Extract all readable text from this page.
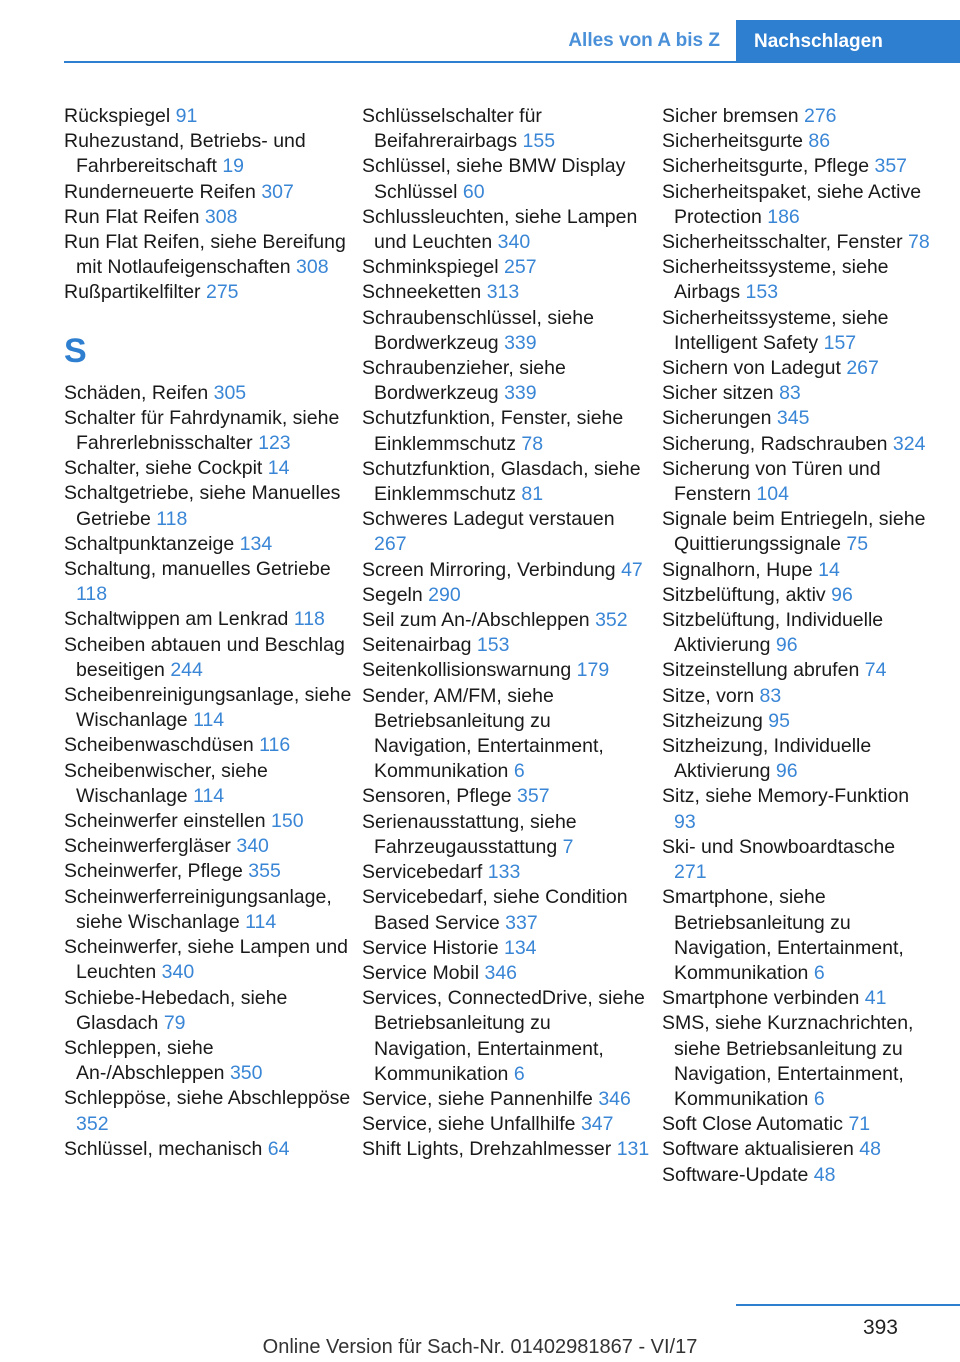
Alles von A bis Z	Nachschlagen
Rückspiegel 91
Ruhezustand, Betriebs- und Fahrbereitschaft 19
Runderneuerte Reifen 307
Run Flat Reifen 308
Run Flat Reifen, siehe Bereifung mit Notlaufeigenschaften 308
Rußpartikelfilter 275
S
Schäden, Reifen 305
Schalter für Fahrdynamik, siehe Fahrerlebnisschalter 123
Schalter, siehe Cockpit 14
Schaltgetriebe, siehe Manuelles Getriebe 118
Schaltpunktanzeige 134
Schaltung, manuelles Getriebe 118
Schaltwippen am Lenkrad 118
Scheiben abtauen und Beschlag beseitigen 244
Scheibenreinigungsanlage, siehe Wischanlage 114
Scheibenwaschdüsen 116
Scheibenwischer, siehe Wischanlage 114
Scheinwerfer einstellen 150
Scheinwerfergläser 340
Scheinwerfer, Pflege 355
Scheinwerferreinigungsanlage, siehe Wischanlage 114
Scheinwerfer, siehe Lampen und Leuchten 340
Schiebe-Hebedach, siehe Glasdach 79
Schleppen, siehe An-/Abschleppen 350
Schleppöse, siehe Abschleppöse 352
Schlüssel, mechanisch 64
Schlüsselschalter für Beifahrerairbags 155
Schlüssel, siehe BMW Display Schlüssel 60
Schlussleuchten, siehe Lampen und Leuchten 340
Schminkspiegel 257
Schneeketten 313
Schraubenschlüssel, siehe Bordwerkzeug 339
Schraubenzieher, siehe Bordwerkzeug 339
Schutzfunktion, Fenster, siehe Einklemmschutz 78
Schutzfunktion, Glasdach, siehe Einklemmschutz 81
Schweres Ladegut verstauen 267
Screen Mirroring, Verbindung 47
Segeln 290
Seil zum An-/Abschleppen 352
Seitenairbag 153
Seitenkollisionswarnung 179
Sender, AM/FM, siehe Betriebsanleitung zu Navigation, Entertainment, Kommunikation 6
Sensoren, Pflege 357
Serienausstattung, siehe Fahrzeugausstattung 7
Servicebedarf 133
Servicebedarf, siehe Condition Based Service 337
Service Historie 134
Service Mobil 346
Services, ConnectedDrive, siehe Betriebsanleitung zu Navigation, Entertainment, Kommunikation 6
Service, siehe Pannenhilfe 346
Service, siehe Unfallhilfe 347
Shift Lights, Drehzahlmesser 131
Sicher bremsen 276
Sicherheitsgurte 86
Sicherheitsgurte, Pflege 357
Sicherheitspaket, siehe Active Protection 186
Sicherheitsschalter, Fenster 78
Sicherheitssysteme, siehe Airbags 153
Sicherheitssysteme, siehe Intelligent Safety 157
Sichern von Ladegut 267
Sicher sitzen 83
Sicherungen 345
Sicherung, Radschrauben 324
Sicherung von Türen und Fenstern 104
Signale beim Entriegeln, siehe Quittierungssignale 75
Signalhorn, Hupe 14
Sitzbelüftung, aktiv 96
Sitzbelüftung, Individuelle Aktivierung 96
Sitzeinstellung abrufen 74
Sitze, vorn 83
Sitzheizung 95
Sitzheizung, Individuelle Aktivierung 96
Sitz, siehe Memory-Funktion 93
Ski- und Snowboardtasche 271
Smartphone, siehe Betriebsanleitung zu Navigation, Entertainment, Kommunikation 6
Smartphone verbinden 41
SMS, siehe Kurznachrichten, siehe Betriebsanleitung zu Navigation, Entertainment, Kommunikation 6
Soft Close Automatic 71
Software aktualisieren 48
Software-Update 48
393
Online Version für Sach-Nr. 01402981867 - VI/17
